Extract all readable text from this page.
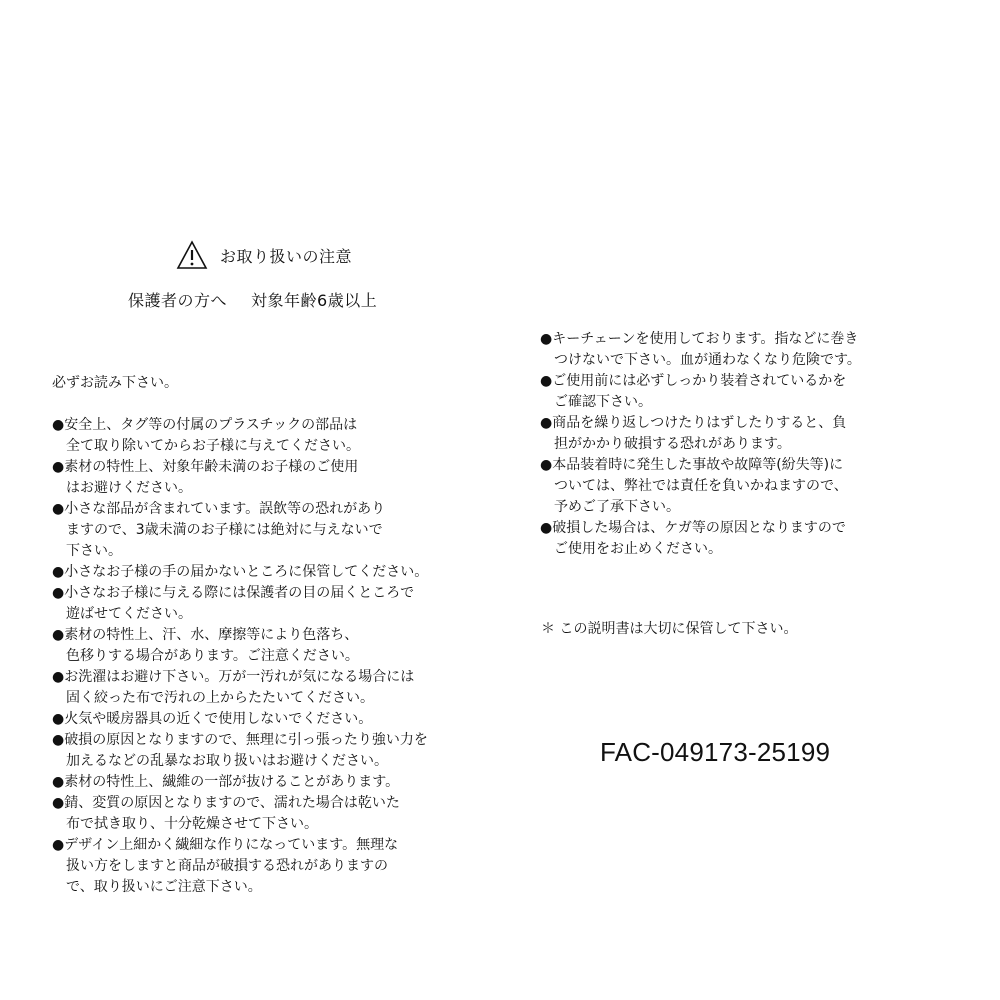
お取り扱いの注意
保護者の方へ 対象年齢6歳以上

必ずお読み下さい。

●安全上、タグ等の付属のプラスチックの部品は
全て取り除いてからお子様に与えてください。
●素材の特性上、対象年齢未満のお子様のご使用
はお避けください。
●小さな部品が含まれています。誤飲等の恐れがあり
ますので、3歳未満のお子様には絶対に与えないで
下さい。
●小さなお子様の手の届かないところに保管してください。
●小さなお子様に与える際には保護者の目の届くところで
遊ばせてください。
●素材の特性上、汗、水、摩擦等により色落ち、
色移りする場合があります。ご注意ください。
●お洗濯はお避け下さい。万が一汚れが気になる場合には
固く絞った布で汚れの上からたたいてください。
●火気や暖房器具の近くで使用しないでください。
●破損の原因となりますので、無理に引っ張ったり強い力を
加えるなどの乱暴なお取り扱いはお避けください。
●素材の特性上、繊維の一部が抜けることがあります。
●錆、変質の原因となりますので、濡れた場合は乾いた
布で拭き取り、十分乾燥させて下さい。
●デザイン上細かく繊細な作りになっています。無理な
扱い方をしますと商品が破損する恐れがありますの
で、取り扱いにご注意下さい。
●キーチェーンを使用しております。指などに巻き
つけないで下さい。血が通わなくなり危険です。
●ご使用前には必ずしっかり装着されているかを
ご確認下さい。
●商品を繰り返しつけたりはずしたりすると、負
担がかかり破損する恐れがあります。
●本品装着時に発生した事故や故障等(紛失等)に
ついては、弊社では責任を負いかねますので、
予めご了承下さい。
●破損した場合は、ケガ等の原因となりますので
ご使用をお止めください。
＊ この説明書は大切に保管して下さい。
FAC-049173-25199
